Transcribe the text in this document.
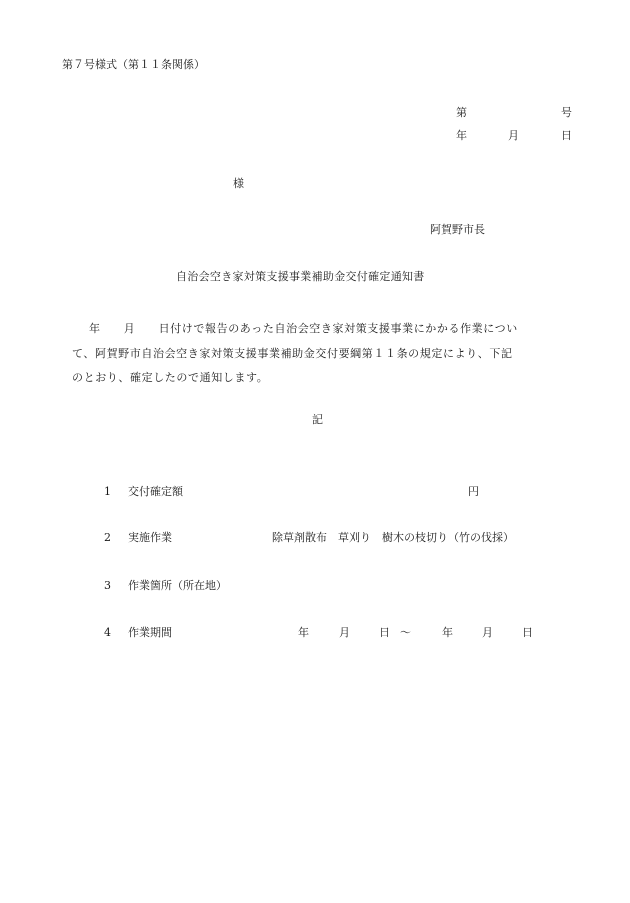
第７号様式（第１１条関係）
第	号
年	月	日
様
阿賀野市長
自治会空き家対策支援事業補助金交付確定通知書
年　　月　　日付けで報告のあった自治会空き家対策支援事業にかかる作業につい
て、阿賀野市自治会空き家対策支援事業補助金交付要綱第１１条の規定により、下記
のとおり、確定したので通知します。
記
1 交付確定額	円
2 実施作業	除草剤散布　草刈り　樹木の枝切り（竹の伐採）
3 作業箇所（所在地）
4 作業期間	年	月	日 ～	年	月	日
